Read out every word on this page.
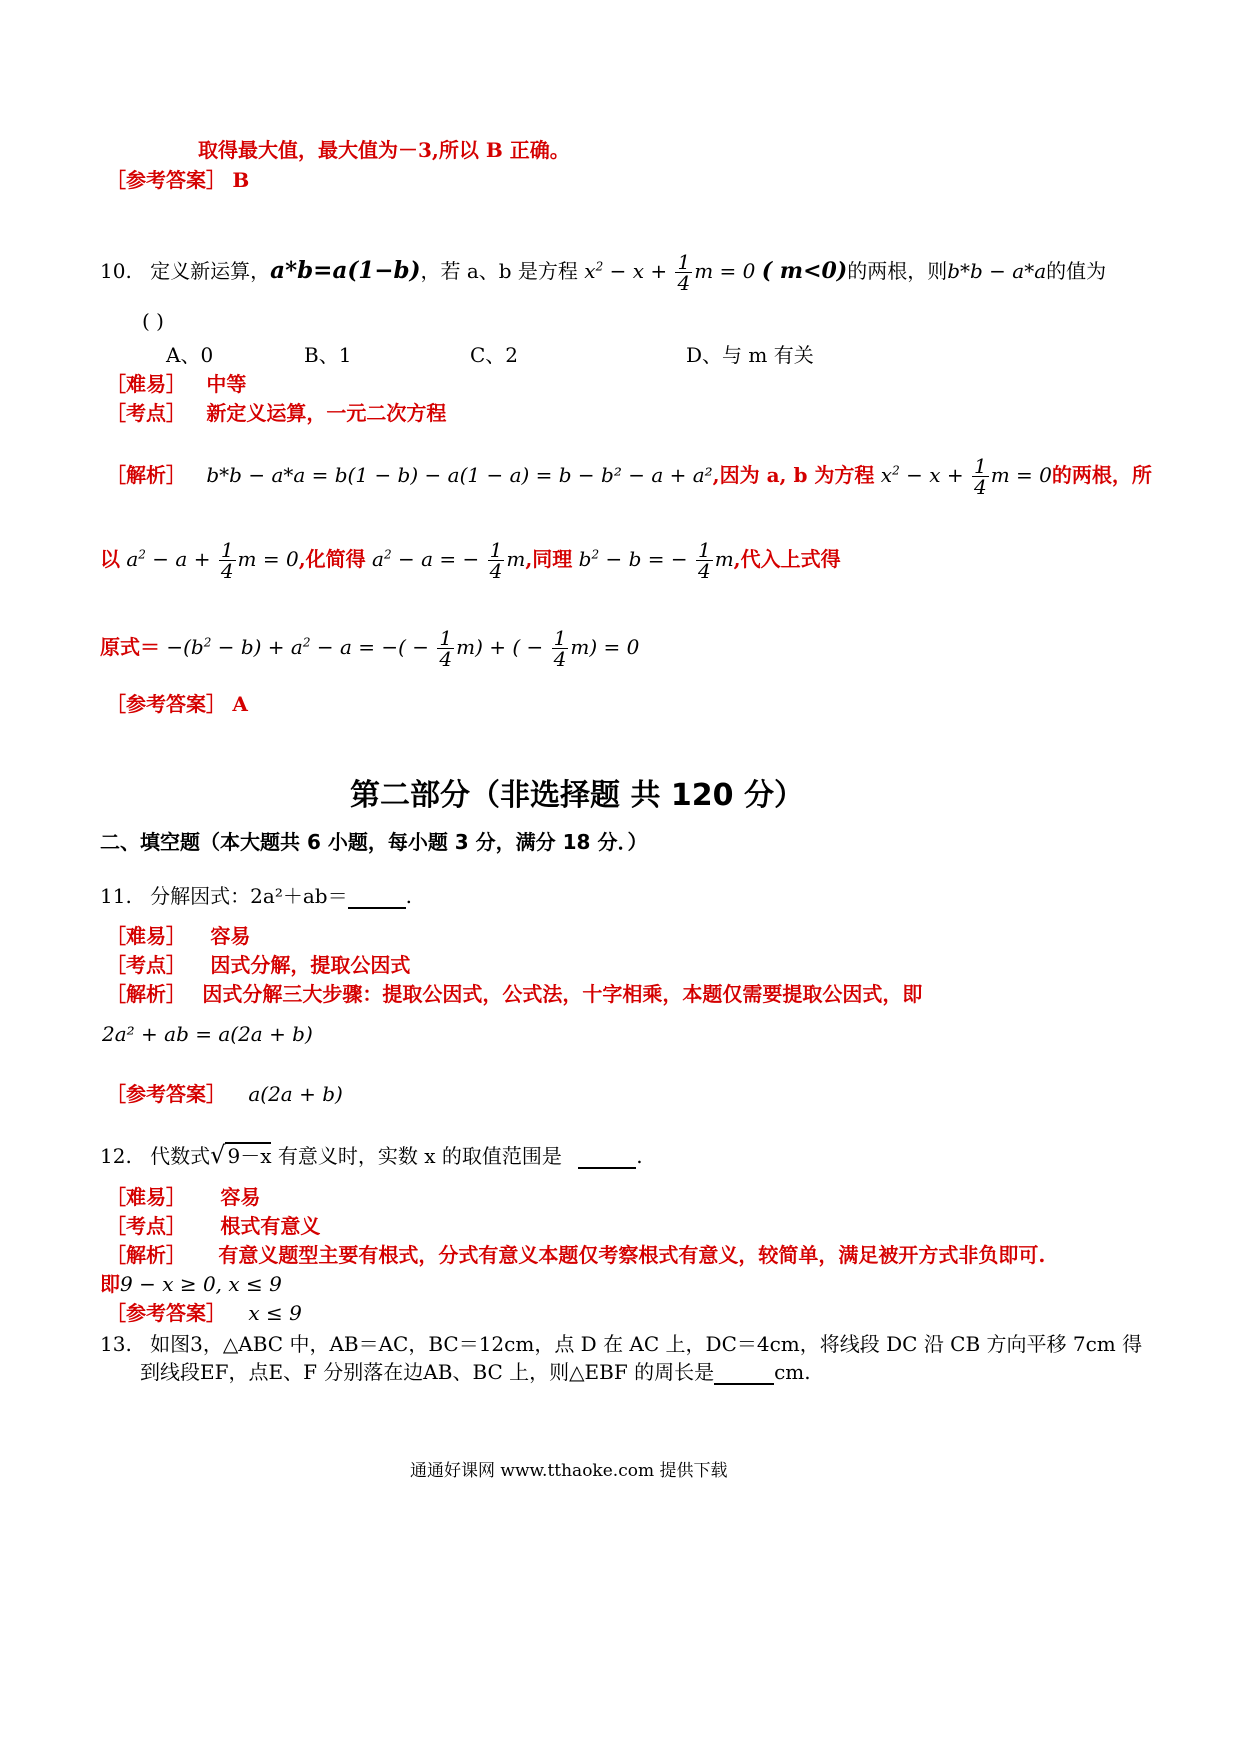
取得最大值，最大值为－3,所以 B 正确。
［参考答案］ B
10. 定义新运算，a*b=a(1−b)，若 a、b 是方程 $x^2 - x + \frac{1}{4}$ m = 0 ( m<0)的两根，则b*b − a*a的值为
( )
A、0	B、1	C、2	D、与 m 有关
［难易］ 中等
［考点］ 新定义运算，一元二次方程
［解析］ b*b − a*a = b(1 − b) − a(1 − a) = b − b² − a + a²,因为 a, b 为方程 $x^2 - x + \frac{1}{4}$ m = 0的两根，所
以 $a^2 - a + \frac{1}{4}$ m = 0,化简得 $a^2 - a$ = − $\frac{1}{4} m$,同理 $b^2 - b$ = − $\frac{1}{4} m$,代入上式得
原式＝ $-(b^2 - b) + a^2 - a$ = −( − $\frac{1}{4} m$) + ( − $\frac{1}{4} m) = 0$
［参考答案］ A
第二部分（非选择题 共 120 分）
二、填空题（本大题共 6 小题，每小题 3 分，满分 18 分．）
11. 分解因式：2a²＋ab＝	.
［难易］ 容易
［考点］ 因式分解，提取公因式
［解析］ 因式分解三大步骤：提取公因式，公式法，十字相乘，本题仅需要提取公因式，即
2a² + ab = a(2a + b)
［参考答案］ a(2a + b)
12. 代数式√ 9－x 有意义时，实数 x 的取值范围是	.
［难易］ 容易
［考点］ 根式有意义
［解析］ 有意义题型主要有根式，分式有意义本题仅考察根式有意义，较简单，满足被开方式非负即可.
即9 − x ≥ 0, x ≤ 9
［参考答案］ x ≤ 9
13. 如图3，△ABC 中，AB＝AC，BC＝12cm，点 D 在 AC 上，DC＝4cm，将线段 DC 沿 CB 方向平移 7cm 得
到线段EF，点E、F 分别落在边AB、BC 上，则△EBF 的周长是	cm.
通通好课网 www.tthaoke.com 提供下载
